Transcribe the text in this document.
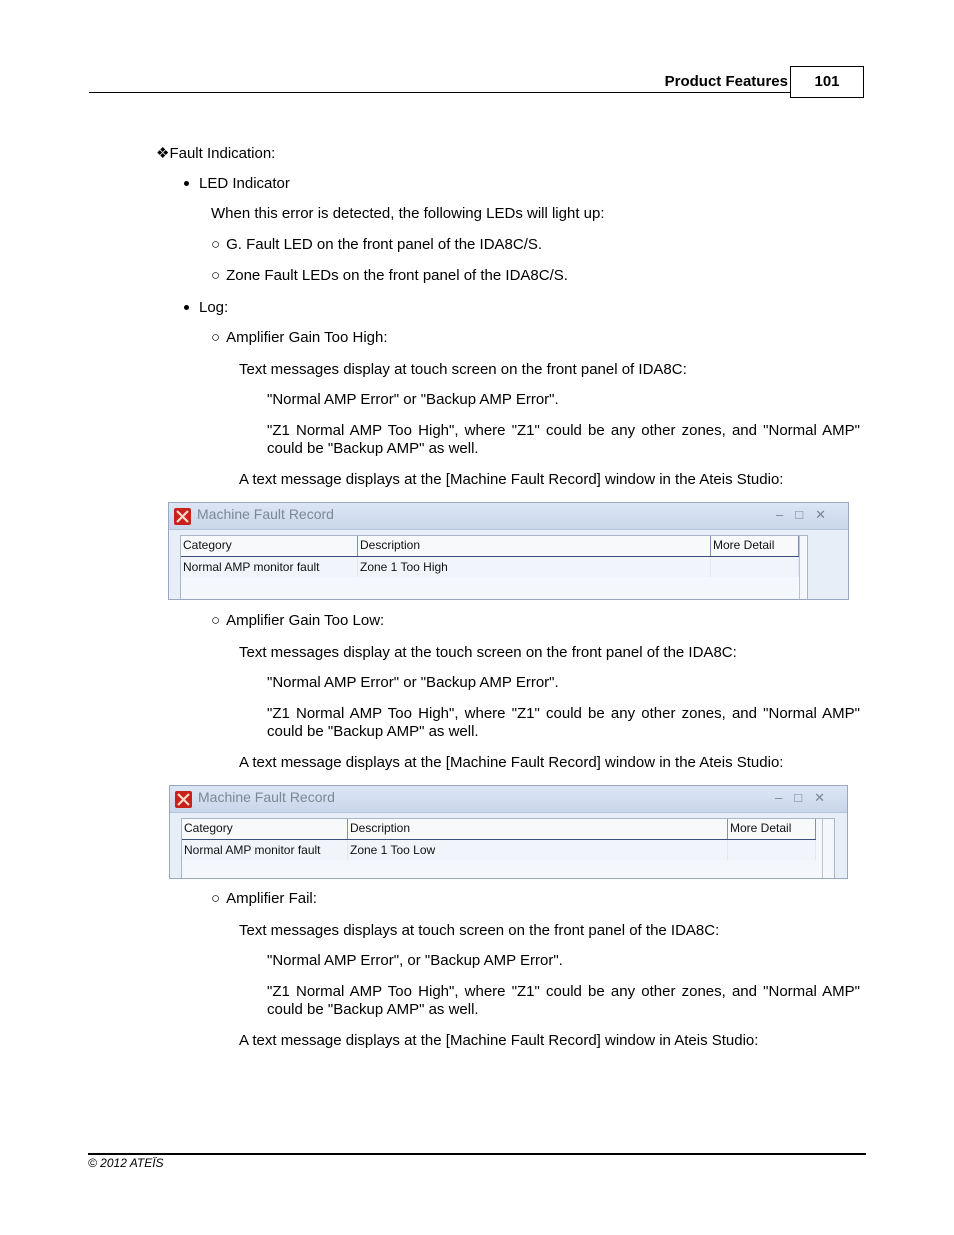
Product Features	101
❖Fault Indication:
LED Indicator
When this error is detected, the following LEDs will light up:
○ G. Fault LED on the front panel of the IDA8C/S.
○ Zone Fault LEDs on the front panel of the IDA8C/S.
Log:
○ Amplifier Gain Too High:
Text messages display at touch screen on the front panel of IDA8C:
"Normal AMP Error" or "Backup AMP Error".
"Z1 Normal AMP Too High", where "Z1" could be any other zones, and "Normal AMP" could be "Backup AMP" as well.
A text message displays at the [Machine Fault Record] window in the Ateis Studio:
Machine Fault Record	–□✕
Category	Description	More Detail
Normal AMP monitor fault	Zone 1 Too High
○ Amplifier Gain Too Low:
Text messages display at the touch screen on the front panel of the IDA8C:
"Normal AMP Error" or "Backup AMP Error".
"Z1 Normal AMP Too High", where "Z1" could be any other zones, and "Normal AMP" could be "Backup AMP" as well.
A text message displays at the [Machine Fault Record] window in the Ateis Studio:
Machine Fault Record	–□✕
Category	Description	More Detail
Normal AMP monitor fault	Zone 1 Too Low
○ Amplifier Fail:
Text messages displays at touch screen on the front panel of the IDA8C:
"Normal AMP Error", or "Backup AMP Error".
"Z1 Normal AMP Too High", where "Z1" could be any other zones, and "Normal AMP" could be "Backup AMP" as well.
A text message displays at the [Machine Fault Record] window in Ateis Studio:
© 2012 ATEÏS
